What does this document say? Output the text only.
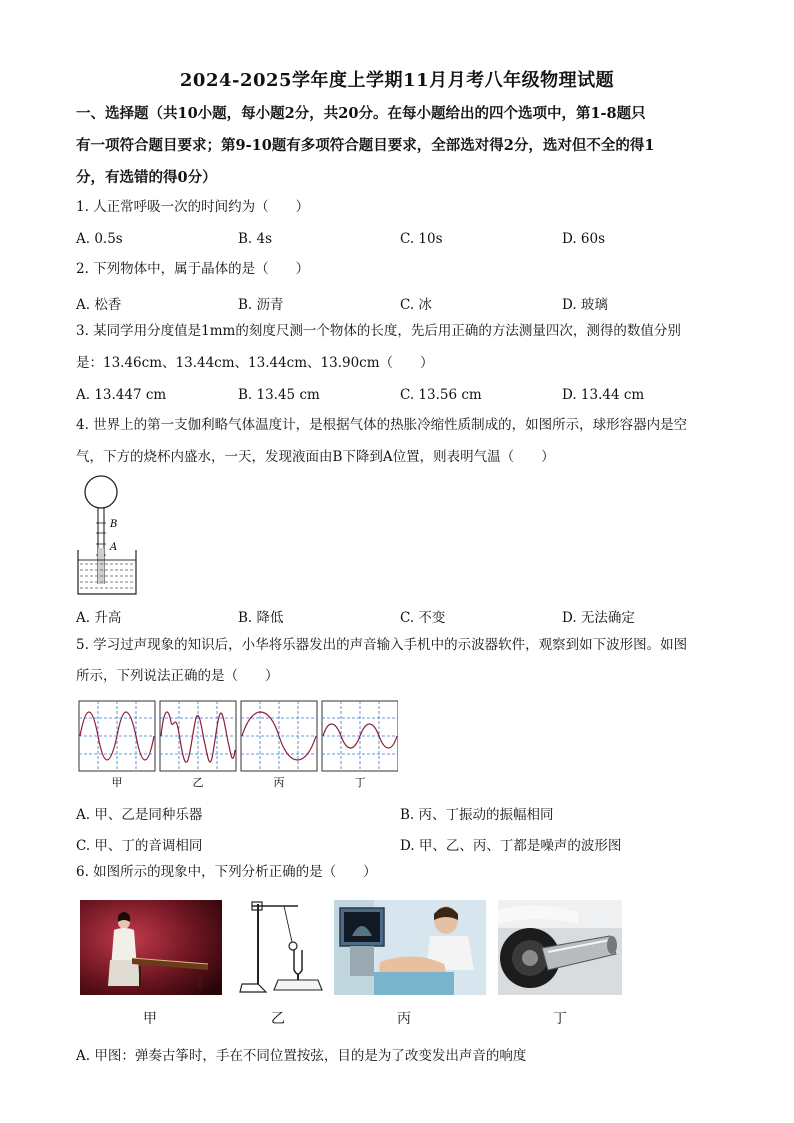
2024-2025学年度上学期11月月考八年级物理试题
一、选择题（共10小题，每小题2分，共20分。在每小题给出的四个选项中，第1-8题只
有一项符合题目要求；第9-10题有多项符合题目要求，全部选对得2分，选对但不全的得1
分，有选错的得0分）
1. 人正常呼吸一次的时间约为（　　）
A. 0.5s	B. 4s	C. 10s	D. 60s
2. 下列物体中，属于晶体的是（　　）
A. 松香	B. 沥青	C. 冰	D. 玻璃
3. 某同学用分度值是1mm的刻度尺测一个物体的长度，先后用正确的方法测量四次，测得的数值分别
是：13.46cm、13.44cm、13.44cm、13.90cm（　　）
A. 13.447 cm	B. 13.45 cm	C. 13.56 cm	D. 13.44 cm
4. 世界上的第一支伽利略气体温度计，是根据气体的热胀冷缩性质制成的，如图所示，球形容器内是空
气，下方的烧杯内盛水，一天，发现液面由B下降到A位置，则表明气温（　　）
B
A
A. 升高	B. 降低	C. 不变	D. 无法确定
5. 学习过声现象的知识后，小华将乐器发出的声音输入手机中的示波器软件，观察到如下波形图。如图
所示，下列说法正确的是（　　）
甲	乙	丙	丁
A. 甲、乙是同种乐器	B. 丙、丁振动的振幅相同
C. 甲、丁的音调相同	D. 甲、乙、丙、丁都是噪声的波形图
6. 如图所示的现象中，下列分析正确的是（　　）
甲	乙	丙	丁
A. 甲图：弹奏古筝时，手在不同位置按弦，目的是为了改变发出声音的响度
